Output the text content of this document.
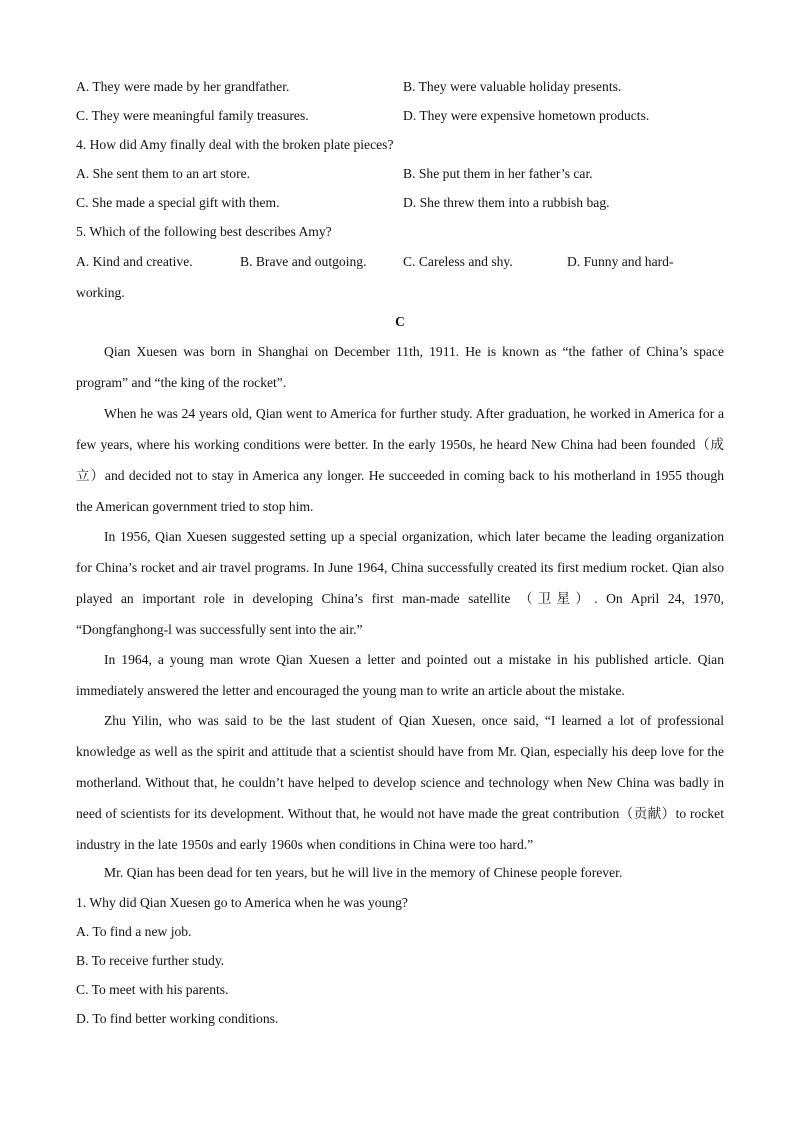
A. They were made by her grandfather.	B. They were valuable holiday presents.
C. They were meaningful family treasures.	D. They were expensive hometown products.
4. How did Amy finally deal with the broken plate pieces?
A. She sent them to an art store.	B. She put them in her father’s car.
C. She made a special gift with them.	D. She threw them into a rubbish bag.
5. Which of the following best describes Amy?
A. Kind and creative.	B. Brave and outgoing.	C. Careless and shy.	D. Funny and hard-
working.
C

Qian Xuesen was born in Shanghai on December 11th, 1911. He is known as “the father of China’s space program” and “the king of the rocket”.

When he was 24 years old, Qian went to America for further study. After graduation, he worked in America for a few years, where his working conditions were better. In the early 1950s, he heard New China had been founded（成立）and decided not to stay in America any longer. He succeeded in coming back to his motherland in 1955 though the American government tried to stop him.

In 1956, Qian Xuesen suggested setting up a special organization, which later became the leading organization for China’s rocket and air travel programs. In June 1964, China successfully created its first medium rocket. Qian also played an important role in developing China’s first man-made satellite （卫星）. On April 24, 1970, “Dongfanghong-l was successfully sent into the air.”

In 1964, a young man wrote Qian Xuesen a letter and pointed out a mistake in his published article. Qian immediately answered the letter and encouraged the young man to write an article about the mistake.

Zhu Yilin, who was said to be the last student of Qian Xuesen, once said, “I learned a lot of professional knowledge as well as the spirit and attitude that a scientist should have from Mr. Qian, especially his deep love for the motherland. Without that, he couldn’t have helped to develop science and technology when New China was badly in need of scientists for its development. Without that, he would not have made the great contribution（贡献）to rocket industry in the late 1950s and early 1960s when conditions in China were too hard.”

Mr. Qian has been dead for ten years, but he will live in the memory of Chinese people forever.

1. Why did Qian Xuesen go to America when he was young?
A. To find a new job.
B. To receive further study.
C. To meet with his parents.
D. To find better working conditions.
